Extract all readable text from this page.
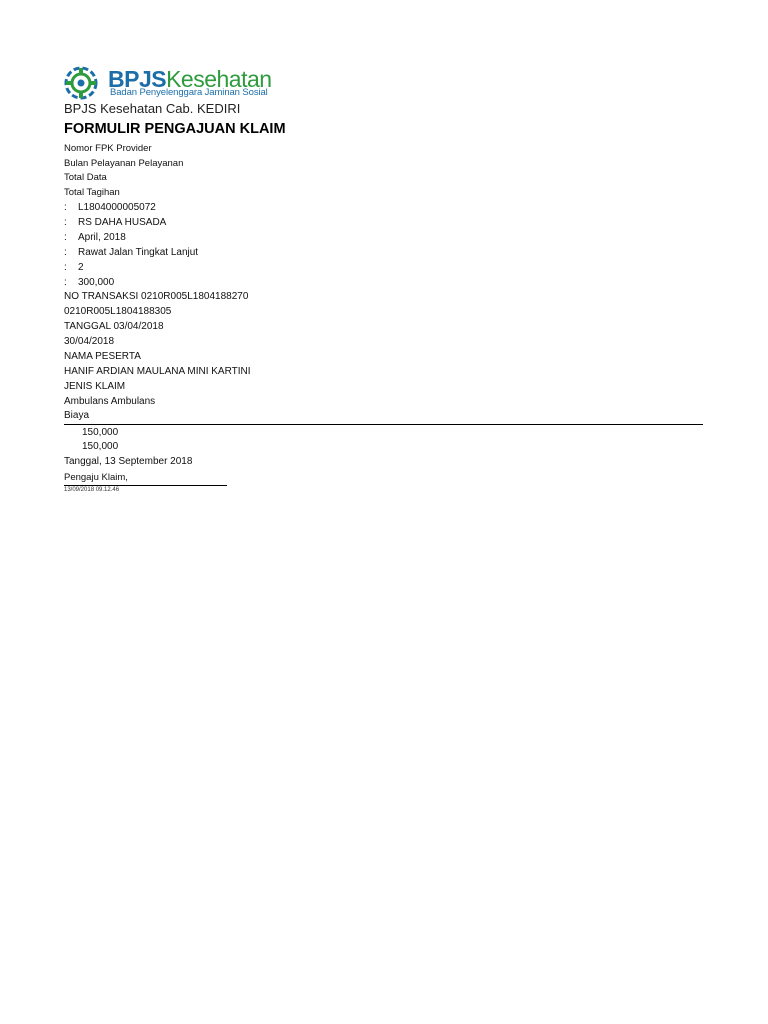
BPJSKesehatan
Badan Penyelenggara Jaminan Sosial
BPJS Kesehatan Cab. KEDIRI
FORMULIR PENGAJUAN KLAIM
Nomor FPK Provider
Bulan Pelayanan Pelayanan
Total Data
Total Tagihan
: L1804000005072
: RS DAHA HUSADA
: April, 2018
: Rawat Jalan Tingkat Lanjut
: 2
: 300,000
NO TRANSAKSI 0210R005L1804188270
0210R005L1804188305
TANGGAL 03/04/2018
30/04/2018
NAMA PESERTA
HANIF ARDIAN MAULANA MINI KARTINI
JENIS KLAIM
Ambulans Ambulans
Biaya
150,000
150,000
Tanggal, 13 September 2018
Pengaju Klaim,
13/09/2018 09.12.46
